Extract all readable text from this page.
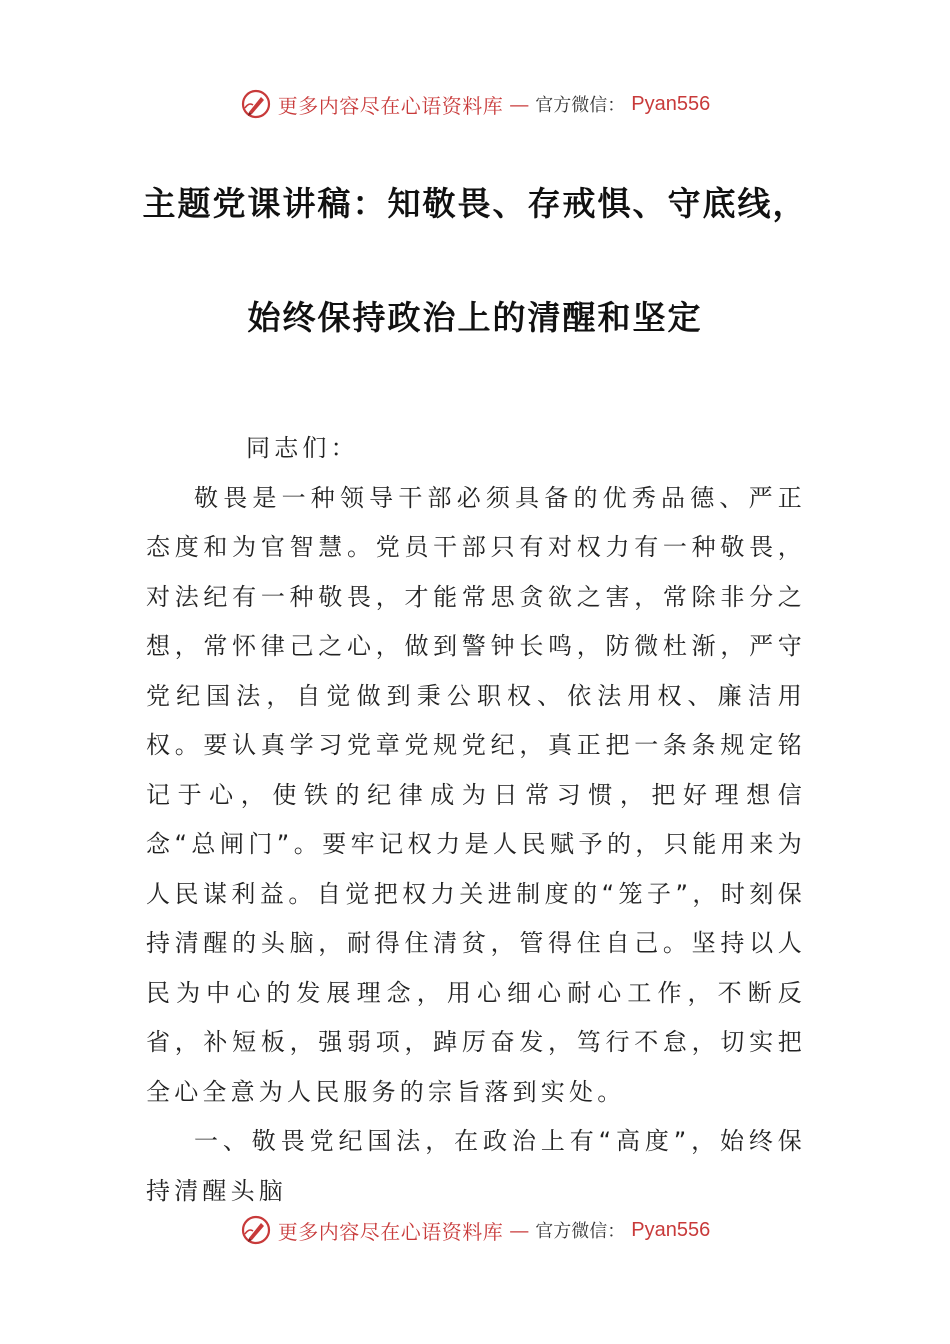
更多内容尽在心语资料库 — 官方微信： Pyan556
主题党课讲稿：知敬畏、存戒惧、守底线，
始终保持政治上的清醒和坚定

同志们：

敬畏是一种领导干部必须具备的优秀品德、严正态度和为官智慧。党员干部只有对权力有一种敬畏，对法纪有一种敬畏，才能常思贪欲之害，常除非分之想，常怀律己之心，做到警钟长鸣，防微杜渐，严守党纪国法，自觉做到秉公职权、依法用权、廉洁用权。要认真学习党章党规党纪，真正把一条条规定铭记于心，使铁的纪律成为日常习惯，把好理想信念“总闸门”。要牢记权力是人民赋予的，只能用来为人民谋利益。自觉把权力关进制度的“笼子”，时刻保持清醒的头脑，耐得住清贫，管得住自己。坚持以人民为中心的发展理念，用心细心耐心工作，不断反省，补短板，强弱项，踔厉奋发，笃行不怠，切实把全心全意为人民服务的宗旨落到实处。

一、敬畏党纪国法，在政治上有“高度”，始终保持清醒头脑

更多内容尽在心语资料库 — 官方微信： Pyan556
